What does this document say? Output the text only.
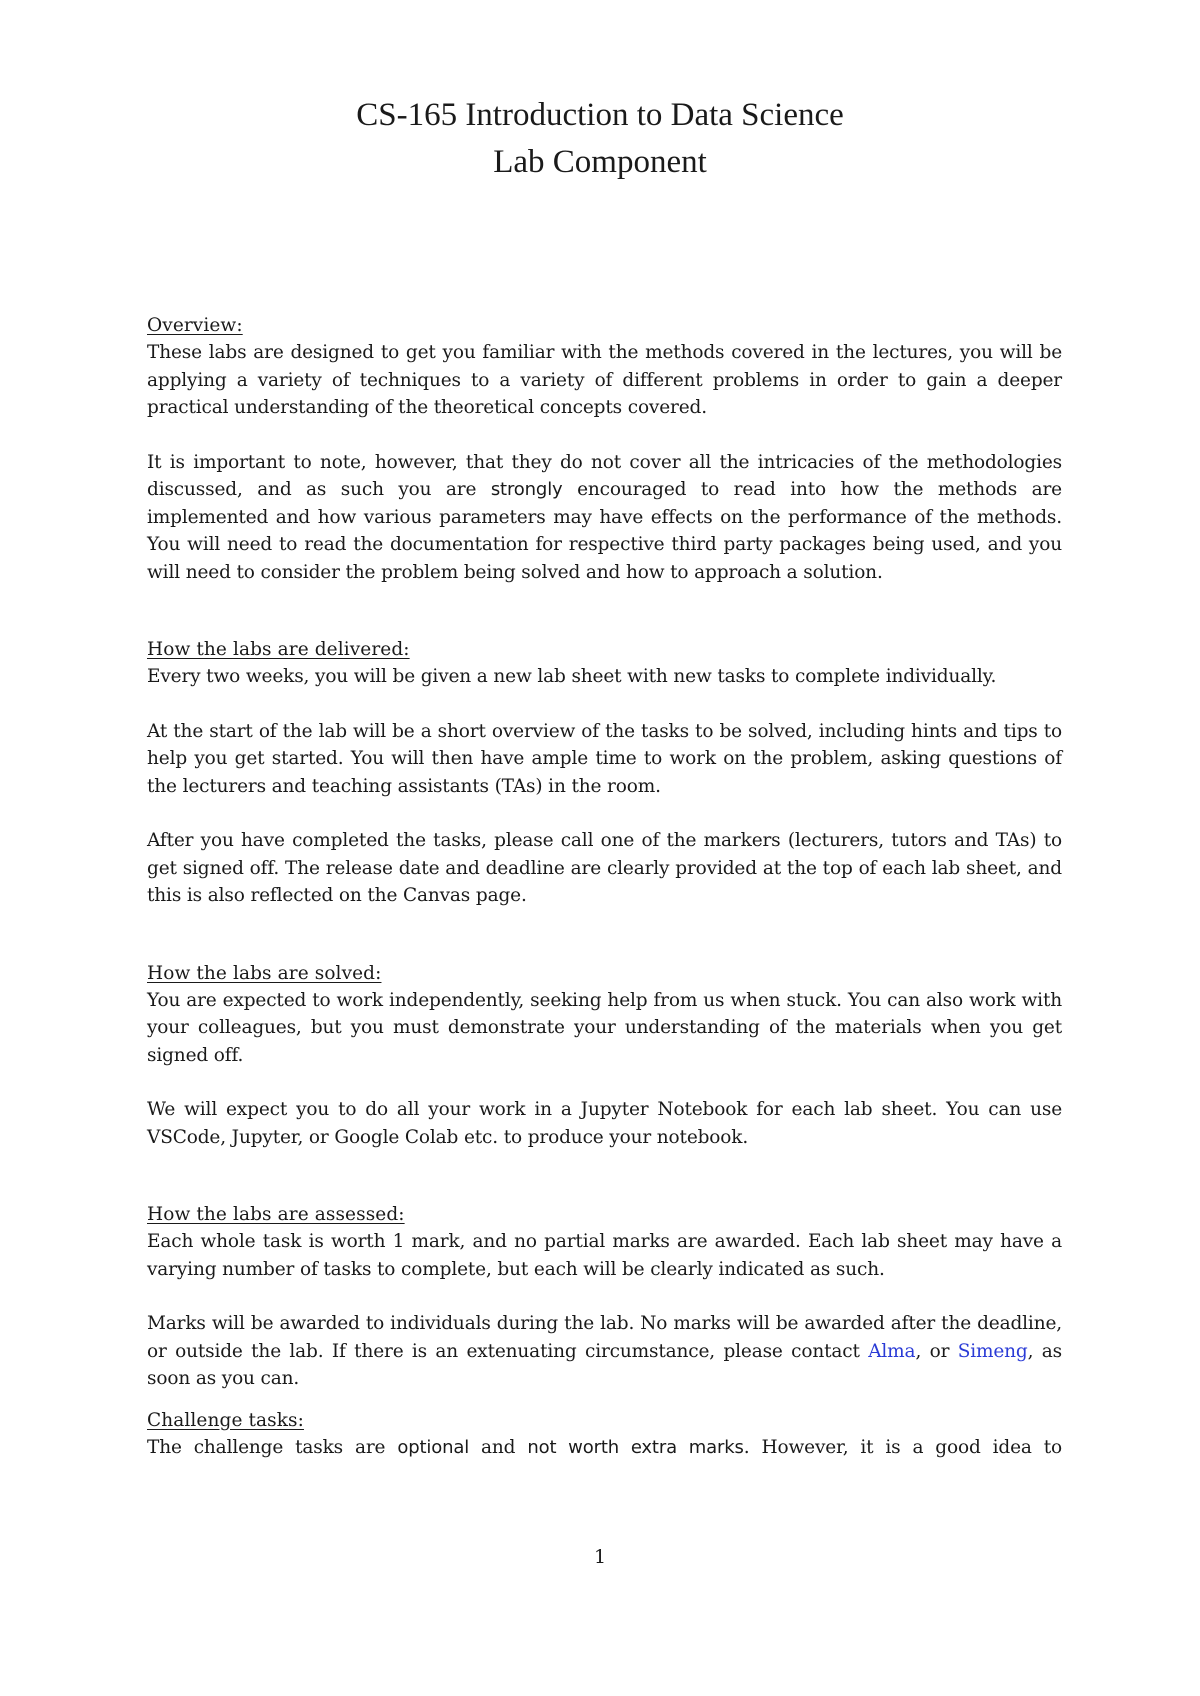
CS-165 Introduction to Data Science
Lab Component
Overview:

These labs are designed to get you familiar with the methods covered in the lectures, you will be applying a variety of techniques to a variety of different problems in order to gain a deeper practical understanding of the theoretical concepts covered.

It is important to note, however, that they do not cover all the intricacies of the methodologies discussed, and as such you are strongly encouraged to read into how the methods are implemented and how various parameters may have effects on the performance of the methods. You will need to read the documentation for respective third party packages being used, and you will need to consider the problem being solved and how to approach a solution.

How the labs are delivered:

Every two weeks, you will be given a new lab sheet with new tasks to complete individually.

At the start of the lab will be a short overview of the tasks to be solved, including hints and tips to help you get started. You will then have ample time to work on the problem, asking questions of the lecturers and teaching assistants (TAs) in the room.

After you have completed the tasks, please call one of the markers (lecturers, tutors and TAs) to get signed off. The release date and deadline are clearly provided at the top of each lab sheet, and this is also reflected on the Canvas page.

How the labs are solved:

You are expected to work independently, seeking help from us when stuck. You can also work with your colleagues, but you must demonstrate your understanding of the materials when you get signed off.

We will expect you to do all your work in a Jupyter Notebook for each lab sheet. You can use VSCode, Jupyter, or Google Colab etc. to produce your notebook.

How the labs are assessed:

Each whole task is worth 1 mark, and no partial marks are awarded. Each lab sheet may have a varying number of tasks to complete, but each will be clearly indicated as such.

Marks will be awarded to individuals during the lab. No marks will be awarded after the deadline, or outside the lab. If there is an extenuating circumstance, please contact Alma, or Simeng, as soon as you can.

Challenge tasks:

The challenge tasks are optional and not worth extra marks. However, it is a good idea to

1
